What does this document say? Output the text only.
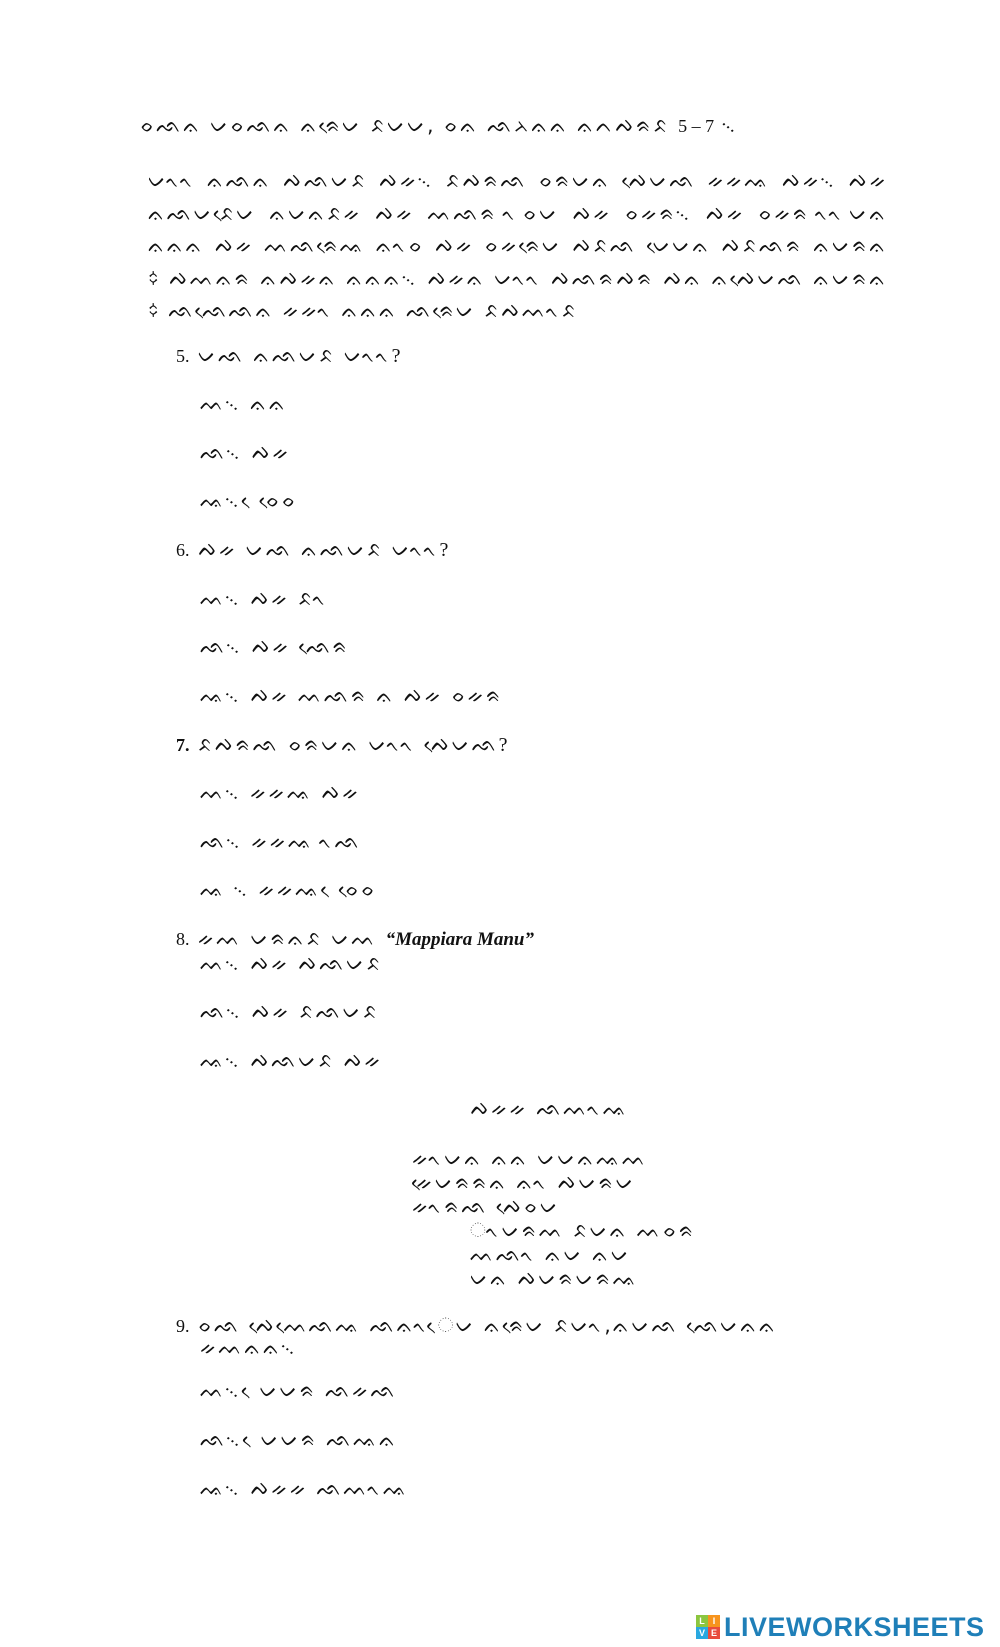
ᨔᨒᨊ ᨆᨔᨒᨊ ᨊᨑᨙᨆ ᨅᨆᨆ, ᨔᨊ ᨒᨂᨊᨊ ᨊᨈᨄᨑᨅ 5 – 7 ᨞
ᨆᨚᨚ ᨊᨒᨊ ᨄᨒᨆᨅ ᨄᨀ᨞ ᨅᨄᨑᨒ ᨔᨑᨆᨊ ᨄᨙᨆᨒ ᨀᨀᨕ ᨄᨀ᨞ ᨄᨀ ᨊᨒᨆᨅᨙᨆ ᨊᨆᨊᨅᨀ ᨄᨀ ᨓᨒᨑ ᨚᨔᨆ ᨄᨀ ᨔᨀᨑ᨞ ᨄᨀ ᨔᨀᨑ ᨚᨚᨆᨊ ᨊᨊᨊ ᨄᨀ ᨓᨒᨑᨙᨕ ᨊᨚᨔ ᨄᨀ ᨔᨀᨑᨙᨆ ᨄᨅᨒ ᨆᨙᨆᨊ ᨄᨅᨒᨑ ᨊᨆᨑᨊ ᨟ ᨄᨓᨊᨑ ᨊᨄᨀᨊ ᨊᨊᨊ᨞ ᨄᨀᨊ ᨆᨚᨚ ᨄᨒᨑᨄᨑ ᨄᨊ ᨊᨄᨙᨆᨒ ᨊᨆᨑᨊ ᨟ ᨒᨒᨙᨒᨊ ᨀᨀᨚ ᨊᨊᨊ ᨒᨑᨙᨆ ᨅᨄᨓᨚᨅ
5. ᨆᨒ ᨊᨒᨆᨅ ᨆᨚᨚ?
ᨓ᨞ ᨊᨊ
ᨒ᨞ ᨄᨀ
ᨕ᨞ ᨙᨔᨙᨔ
6. ᨄᨀ ᨆᨒ ᨊᨒᨆᨅ ᨆᨚᨚ?
ᨓ᨞ ᨄᨀ ᨅᨚ
ᨒ᨞ ᨄᨀ ᨒᨙᨑ
ᨕ᨞ ᨄᨀ ᨓᨒᨑ ᨊ ᨄᨀ ᨔᨀᨑ
7. ᨅᨄᨑᨒ ᨔᨑᨆᨊ ᨆᨚᨚ ᨄᨙᨆᨒ?
ᨓ᨞ ᨀᨀᨕ ᨄᨀ
ᨒ᨞ ᨀᨀᨕ ᨚᨒ
ᨕ ᨞ ᨀᨀᨕ ᨙᨔᨙᨔ
8. ᨀᨓ ᨆᨑᨊᨅ ᨆᨓ “Mappiara Manu”
ᨓ᨞ ᨄᨀ ᨄᨒᨆᨅ
ᨒ᨞ ᨄᨀ ᨅᨒᨆᨅ
ᨕ᨞ ᨄᨒᨆᨅ ᨄᨀ
ᨄᨀᨀ ᨒᨓᨚᨕ
ᨀᨚᨆᨊ ᨊᨊ ᨆᨆᨊᨕᨓ
ᨀᨙᨆᨑᨑᨊ ᨊᨚ ᨄᨆᨑᨆ
ᨀᨚᨑᨒ ᨄᨙᨔᨆ
ᨚᨆᨑᨓ ᨅᨆᨊ ᨓᨔᨑ
ᨓᨒᨚ ᨊᨆ ᨊᨆ
ᨆᨊ ᨄᨆᨑᨆᨑᨕ
9. ᨔᨒ ᨄᨙᨓᨙᨒᨕ ᨒᨊᨚᨙᨆ ᨊᨑᨙᨆ ᨅᨆᨚ,ᨊᨆᨒ ᨒᨙᨆᨊᨊ
ᨀᨓᨊᨊ᨞
ᨓ᨞ ᨙᨆᨆᨑ ᨒᨀᨒ
ᨒ᨞ ᨙᨆᨆᨑ ᨒᨕᨊ
ᨕ᨞ ᨄᨀᨀ ᨒᨓᨚᨕ
L I
V E LIVEWORKSHEETS
